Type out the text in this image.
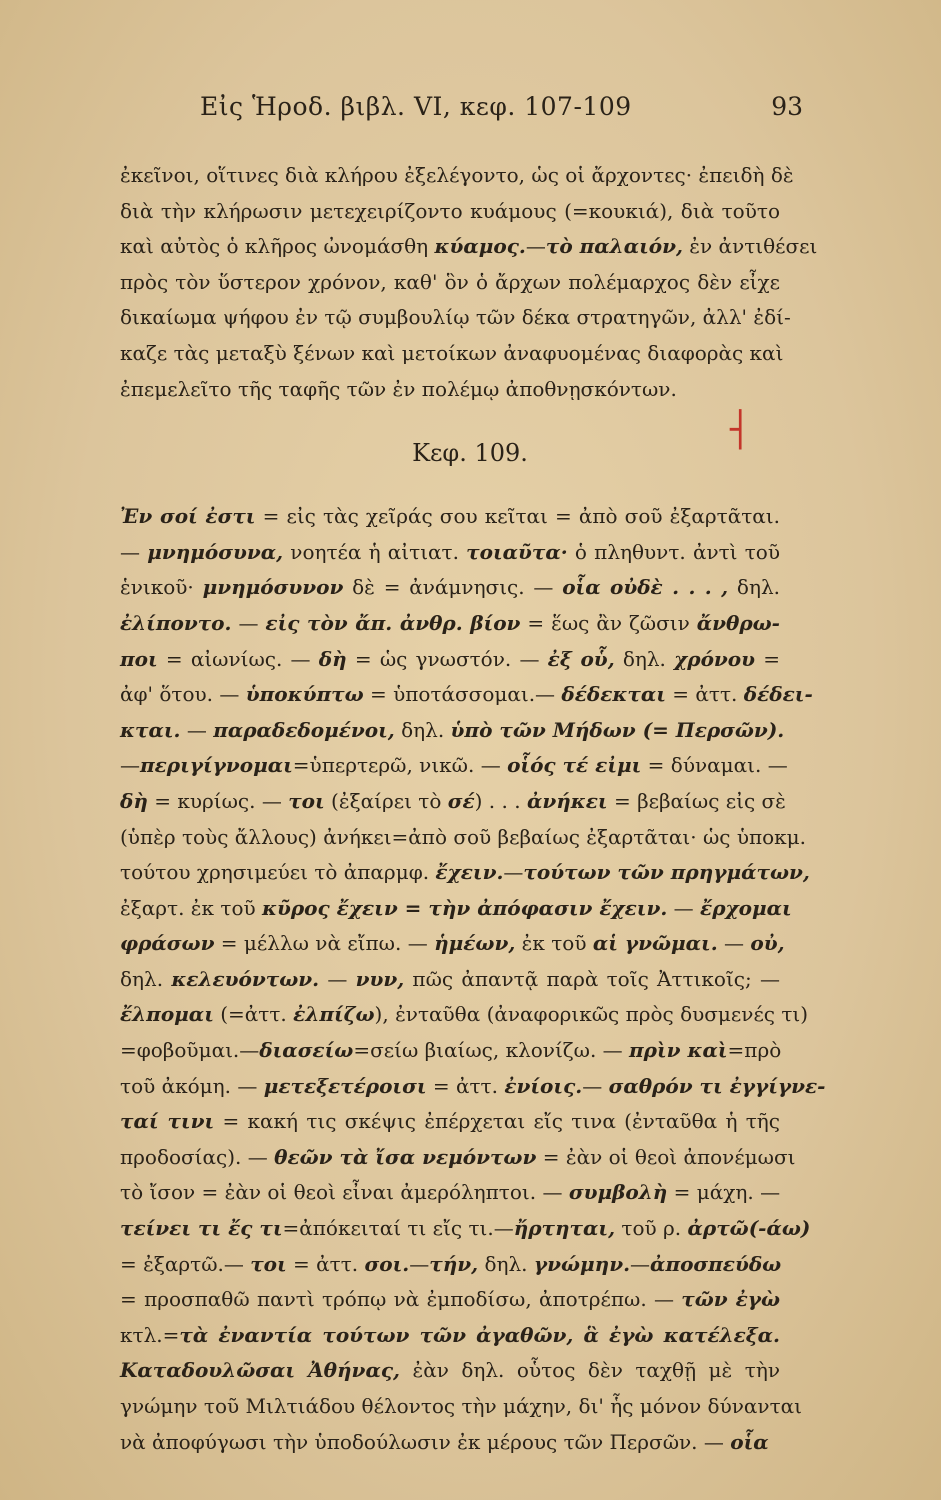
Εἰς Ἡροδ. βιβλ. VI, κεφ. 107-109	93
ἐκεῖνοι, οἵτινες διὰ κλήρου ἐξελέγοντο, ὡς οἱ ἄρχοντες· ἐπειδὴ δὲ
διὰ τὴν κλήρωσιν μετεχειρίζοντο κυάμους (=κουκιά), διὰ τοῦτο
καὶ αὐτὸς ὁ κλῆρος ὠνομάσθη κύαμος.—τὸ παλαιόν, ἐν ἀντιθέσει
πρὸς τὸν ὕστερον χρόνον, καθ' ὃν ὁ ἄρχων πολέμαρχος δὲν εἶχε
δικαίωμα ψήφου ἐν τῷ συμβουλίῳ τῶν δέκα στρατηγῶν, ἀλλ' ἐδί-
καζε τὰς μεταξὺ ξένων καὶ μετοίκων ἀναφυομένας διαφορὰς καὶ
ἐπεμελεῖτο τῆς ταφῆς τῶν ἐν πολέμῳ ἀποθνῃσκόντων.
Κεφ. 109.
Ἐν σοί ἐστι = εἰς τὰς χεῖράς σου κεῖται = ἀπὸ σοῦ ἐξαρτᾶται.
— μνημόσυνα, νοητέα ἡ αἰτιατ. τοιαῦτα· ὁ πληθυντ. ἀντὶ τοῦ
ἑνικοῦ· μνημόσυνον δὲ = ἀνάμνησις. — οἷα οὐδὲ . . . , δηλ.
ἐλίποντο. — εἰς τὸν ἄπ. ἀνθρ. βίον = ἕως ἂν ζῶσιν ἄνθρω-
ποι = αἰωνίως. — δὴ = ὡς γνωστόν. — ἐξ οὗ, δηλ. χρόνου =
ἀφ' ὅτου. — ὑποκύπτω = ὑποτάσσομαι.— δέδεκται = ἀττ. δέδει-
κται. — παραδεδομένοι, δηλ. ὑπὸ τῶν Μήδων (= Περσῶν).
—περιγίγνομαι=ὑπερτερῶ, νικῶ. — οἷός τέ εἰμι = δύναμαι. —
δὴ = κυρίως. — τοι (ἐξαίρει τὸ σέ) . . . ἀνήκει = βεβαίως εἰς σὲ
(ὑπὲρ τοὺς ἄλλους) ἀνήκει=ἀπὸ σοῦ βεβαίως ἐξαρτᾶται· ὡς ὑποκμ.
τούτου χρησιμεύει τὸ ἀπαρμφ. ἔχειν.—τούτων τῶν πρηγμάτων,
ἐξαρτ. ἐκ τοῦ κῦρος ἔχειν = τὴν ἀπόφασιν ἔχειν. — ἔρχομαι
φράσων = μέλλω νὰ εἴπω. — ἡμέων, ἐκ τοῦ αἱ γνῶμαι. — οὐ,
δηλ. κελευόντων. — νυν, πῶς ἀπαντᾷ παρὰ τοῖς Ἀττικοῖς; —
ἔλπομαι (=ἀττ. ἐλπίζω), ἐνταῦθα (ἀναφορικῶς πρὸς δυσμενές τι)
=φοβοῦμαι.—διασείω=σείω βιαίως, κλονίζω. — πρὶν καὶ=πρὸ
τοῦ ἀκόμη. — μετεξετέροισι = ἀττ. ἐνίοις.— σαθρόν τι ἐγγίγνε-
ταί τινι = κακή τις σκέψις ἐπέρχεται εἴς τινα (ἐνταῦθα ἡ τῆς
προδοσίας). — θεῶν τὰ ἴσα νεμόντων = ἐὰν οἱ θεοὶ ἀπονέμωσι
τὸ ἴσον = ἐὰν οἱ θεοὶ εἶναι ἀμερόληπτοι. — συμβολὴ = μάχη. —
τείνει τι ἔς τι=ἀπόκειταί τι εἴς τι.—ἤρτηται, τοῦ ρ. ἀρτῶ(-άω)
= ἐξαρτῶ.— τοι = ἀττ. σοι.—τήν, δηλ. γνώμην.—ἀποσπεύδω
= προσπαθῶ παντὶ τρόπῳ νὰ ἐμποδίσω, ἀποτρέπω. — τῶν ἐγὼ
κτλ.=τὰ ἐναντία τούτων τῶν ἀγαθῶν, ἃ ἐγὼ κατέλεξα.
Καταδουλῶσαι Ἀθήνας, ἐὰν δηλ. οὗτος δὲν ταχθῇ μὲ τὴν
γνώμην τοῦ Μιλτιάδου θέλοντος τὴν μάχην, δι' ἧς μόνον δύνανται
νὰ ἀποφύγωσι τὴν ὑποδούλωσιν ἐκ μέρους τῶν Περσῶν. — οἷα
┤
